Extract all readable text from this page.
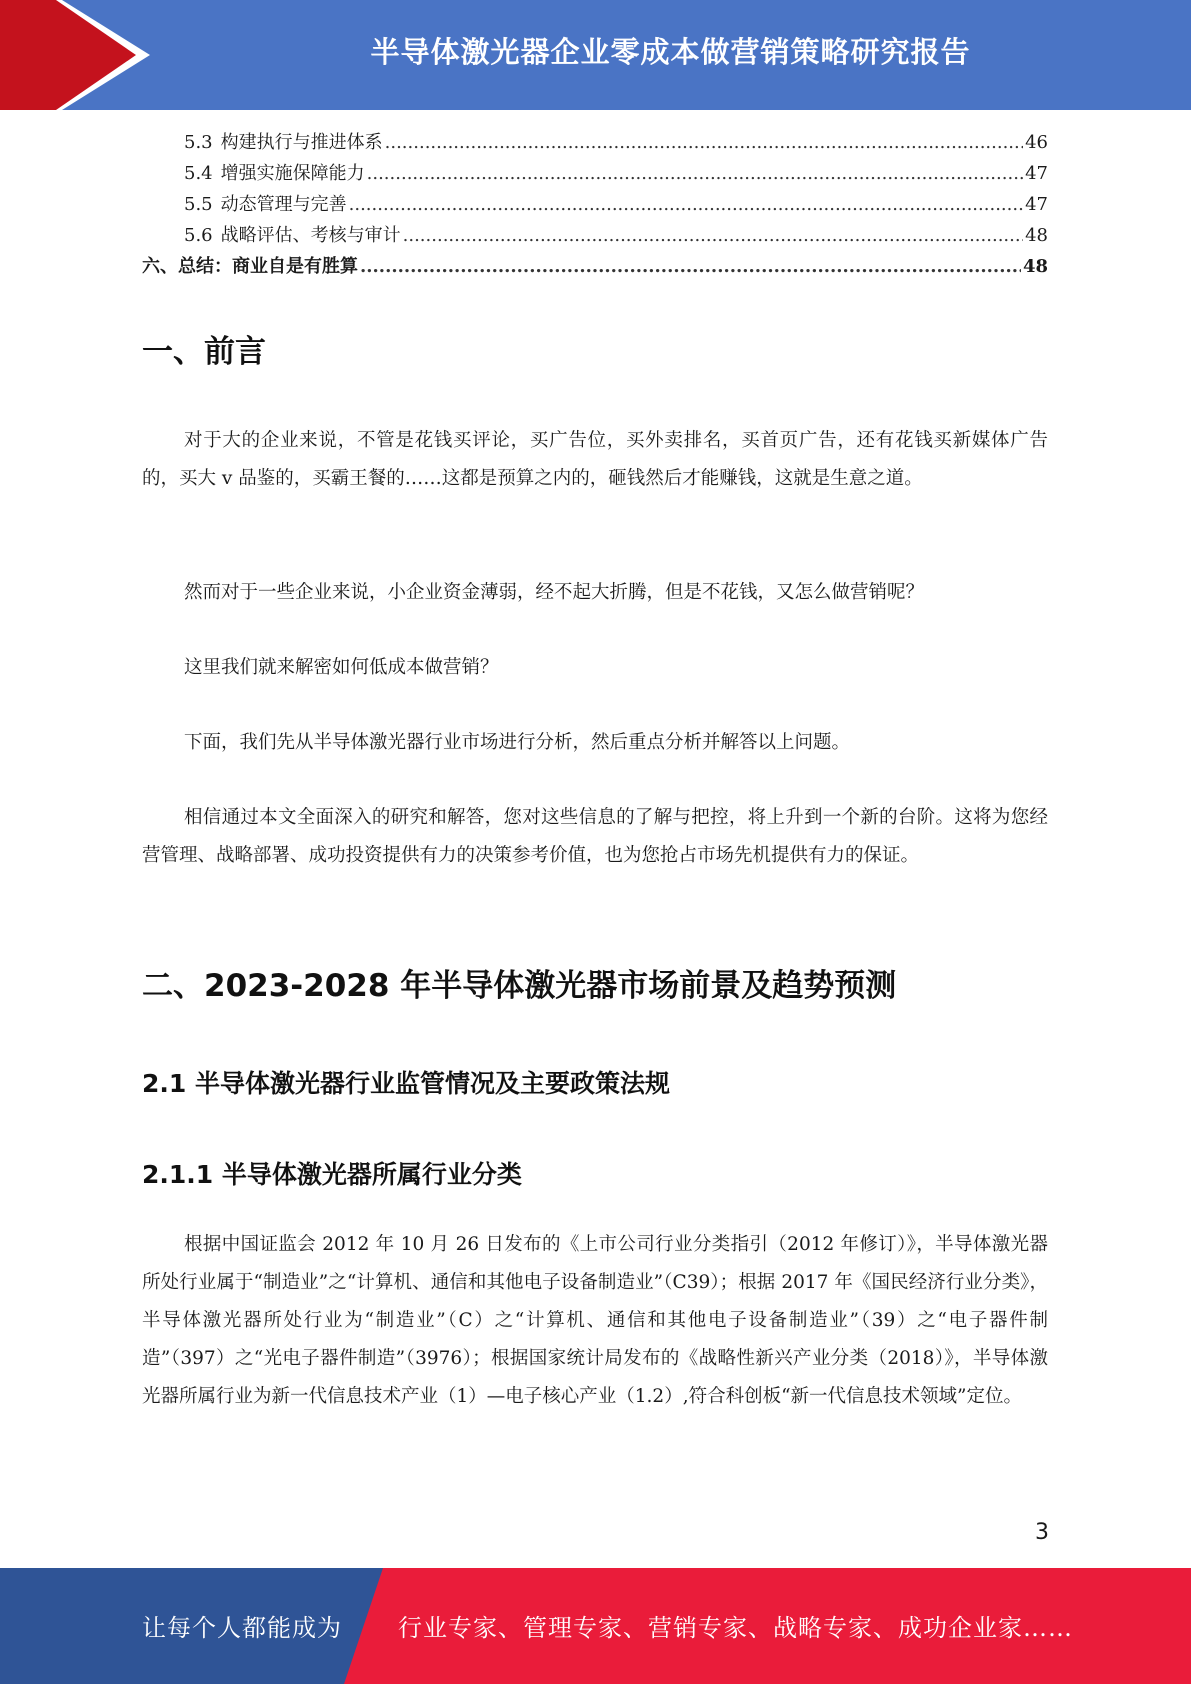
半导体激光器企业零成本做营销策略研究报告
5.3 构建执行与推进体系 .....	46
5.4 增强实施保障能力 .....	47
5.5 动态管理与完善 .....	47
5.6 战略评估、考核与审计 .....	48
六、总结：商业自是有胜算 .....	48
一、前言

对于大的企业来说，不管是花钱买评论，买广告位，买外卖排名，买首页广告，还有花钱买新媒体广告的，买大 v 品鉴的，买霸王餐的……这都是预算之内的，砸钱然后才能赚钱，这就是生意之道。

然而对于一些企业来说，小企业资金薄弱，经不起大折腾，但是不花钱，又怎么做营销呢？

这里我们就来解密如何低成本做营销？

下面，我们先从半导体激光器行业市场进行分析，然后重点分析并解答以上问题。

相信通过本文全面深入的研究和解答，您对这些信息的了解与把控，将上升到一个新的台阶。这将为您经营管理、战略部署、成功投资提供有力的决策参考价值，也为您抢占市场先机提供有力的保证。

二、2023-2028 年半导体激光器市场前景及趋势预测
2.1 半导体激光器行业监管情况及主要政策法规
2.1.1 半导体激光器所属行业分类

根据中国证监会 2012 年 10 月 26 日发布的《上市公司行业分类指引（2012 年修订）》，半导体激光器所处行业属于“制造业”之“计算机、通信和其他电子设备制造业”（C39）；根据 2017 年《国民经济行业分类》，半导体激光器所处行业为“制造业”（C）之“计算机、通信和其他电子设备制造业”（39）之“电子器件制造”（397）之“光电子器件制造”（3976）；根据国家统计局发布的《战略性新兴产业分类（2018）》，半导体激光器所属行业为新一代信息技术产业（1）—电子核心产业（1.2）,符合科创板“新一代信息技术领域”定位。

3
让每个人都能成为 行业专家、管理专家、营销专家、战略专家、成功企业家……
